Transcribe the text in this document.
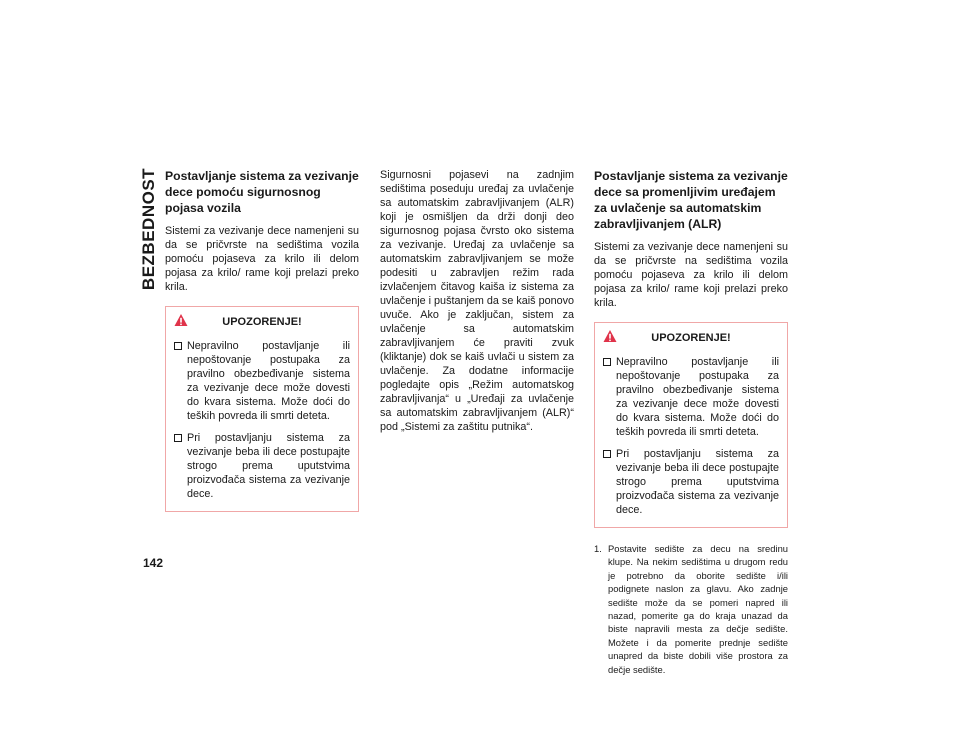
BEZBEDNOST
142
Postavljanje sistema za vezivanje dece pomoću sigurnosnog pojasa vozila

Sistemi za vezivanje dece namenjeni su da se pričvrste na sedištima vozila pomoću pojaseva za krilo ili delom pojasa za krilo/ rame koji prelazi preko krila.

UPOZORENJE!
Nepravilno postavljanje ili nepoštovanje postupaka za pravilno obezbeđivanje sistema za vezivanje dece može dovesti do kvara sistema. Može doći do teških povreda ili smrti deteta.
Pri postavljanju sistema za vezivanje beba ili dece postupajte strogo prema uputstvima proizvođača sistema za vezivanje dece.

Sigurnosni pojasevi na zadnjim sedištima poseduju uređaj za uvlačenje sa automatskim zabravljivanjem (ALR) koji je osmišljen da drži donji deo sigurnosnog pojasa čvrsto oko sistema za vezivanje. Uređaj za uvlačenje sa automatskim zabravljivanjem se može podesiti u zabravljen režim rada izvlačenjem čitavog kaiša iz sistema za uvlačenje i puštanjem da se kaiš ponovo uvuče. Ako je zaključan, sistem za uvlačenje sa automatskim zabravljivanjem će praviti zvuk (kliktanje) dok se kaiš uvlači u sistem za uvlačenje. Za dodatne informacije pogledajte opis „Režim automatskog zabravljivanja“ u „Uređaji za uvlačenje sa automatskim zabravljivanjem (ALR)“ pod „Sistemi za zaštitu putnika“.

Postavljanje sistema za vezivanje dece sa promenljivim uređajem za uvlačenje sa automatskim zabravljivanjem (ALR)

Sistemi za vezivanje dece namenjeni su da se pričvrste na sedištima vozila pomoću pojaseva za krilo ili delom pojasa za krilo/ rame koji prelazi preko krila.

UPOZORENJE!
Nepravilno postavljanje ili nepoštovanje postupaka za pravilno obezbeđivanje sistema za vezivanje dece može dovesti do kvara sistema. Može doći do teških povreda ili smrti deteta.
Pri postavljanju sistema za vezivanje beba ili dece postupajte strogo prema uputstvima proizvođača sistema za vezivanje dece.
1. Postavite sedište za decu na sredinu klupe. Na nekim sedištima u drugom redu je potrebno da oborite sedište i/ili podignete naslon za glavu. Ako zadnje sedište može da se pomeri napred ili nazad, pomerite ga do kraja unazad da biste napravili mesta za dečje sedište. Možete i da pomerite prednje sedište unapred da biste dobili više prostora za dečje sedište.
